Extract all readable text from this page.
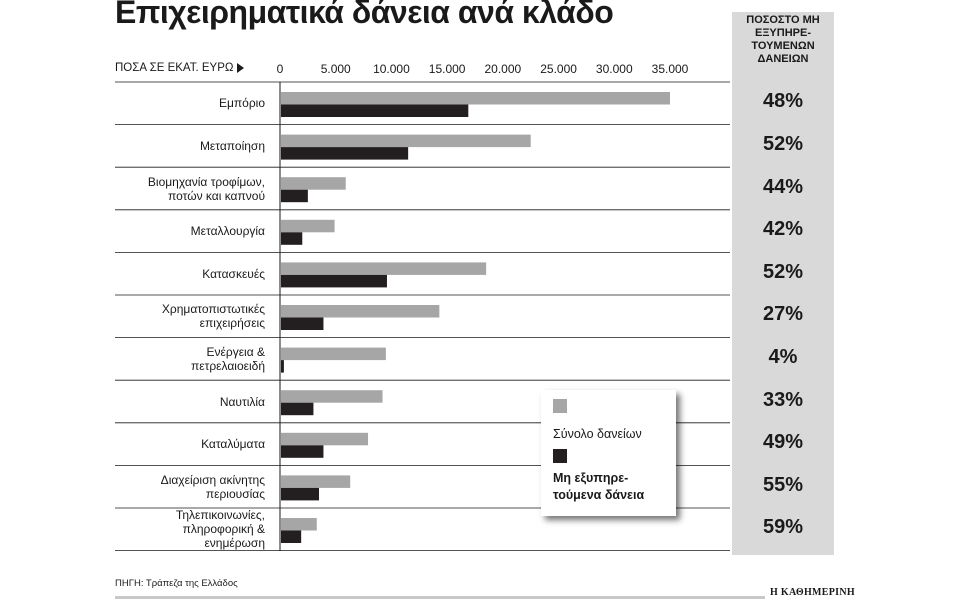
Επιχειρηματικά δάνεια ανά κλάδο
ΠΟΣΑ ΣΕ ΕΚΑΤ. ΕΥΡΩ
ΠΟΣΟΣΤΟ ΜΗ
ΕΞΥΠΗΡΕ-
ΤΟΥΜΕΝΩΝ
ΔΑΝΕΙΩΝ
0	5.000 10.000 15.000 20.000 25.000 30.000 35.000
Εμπόριο
Μεταποίηση
Βιομηχανία τροφίμων,
ποτών και καπνού
Μεταλλουργία
Κατασκευές
Χρηματοπιστωτικές
επιχειρήσεις
Ενέργεια &
πετρελαιοειδή
Ναυτιλία
Καταλύματα
Διαχείριση ακίνητης
περιουσίας
Τηλεπικοινωνίες,
πληροφορική &
ενημέρωση
48%
52%
44%
42%
52%
27%
4%
33%
49%
55%
59%
Σύνολο δανείων
Μη εξυπηρε-
τούμενα δάνεια
ΠΗΓΗ: Τράπεζα της Ελλάδος
Η ΚΑΘΗΜΕΡΙΝΗ
